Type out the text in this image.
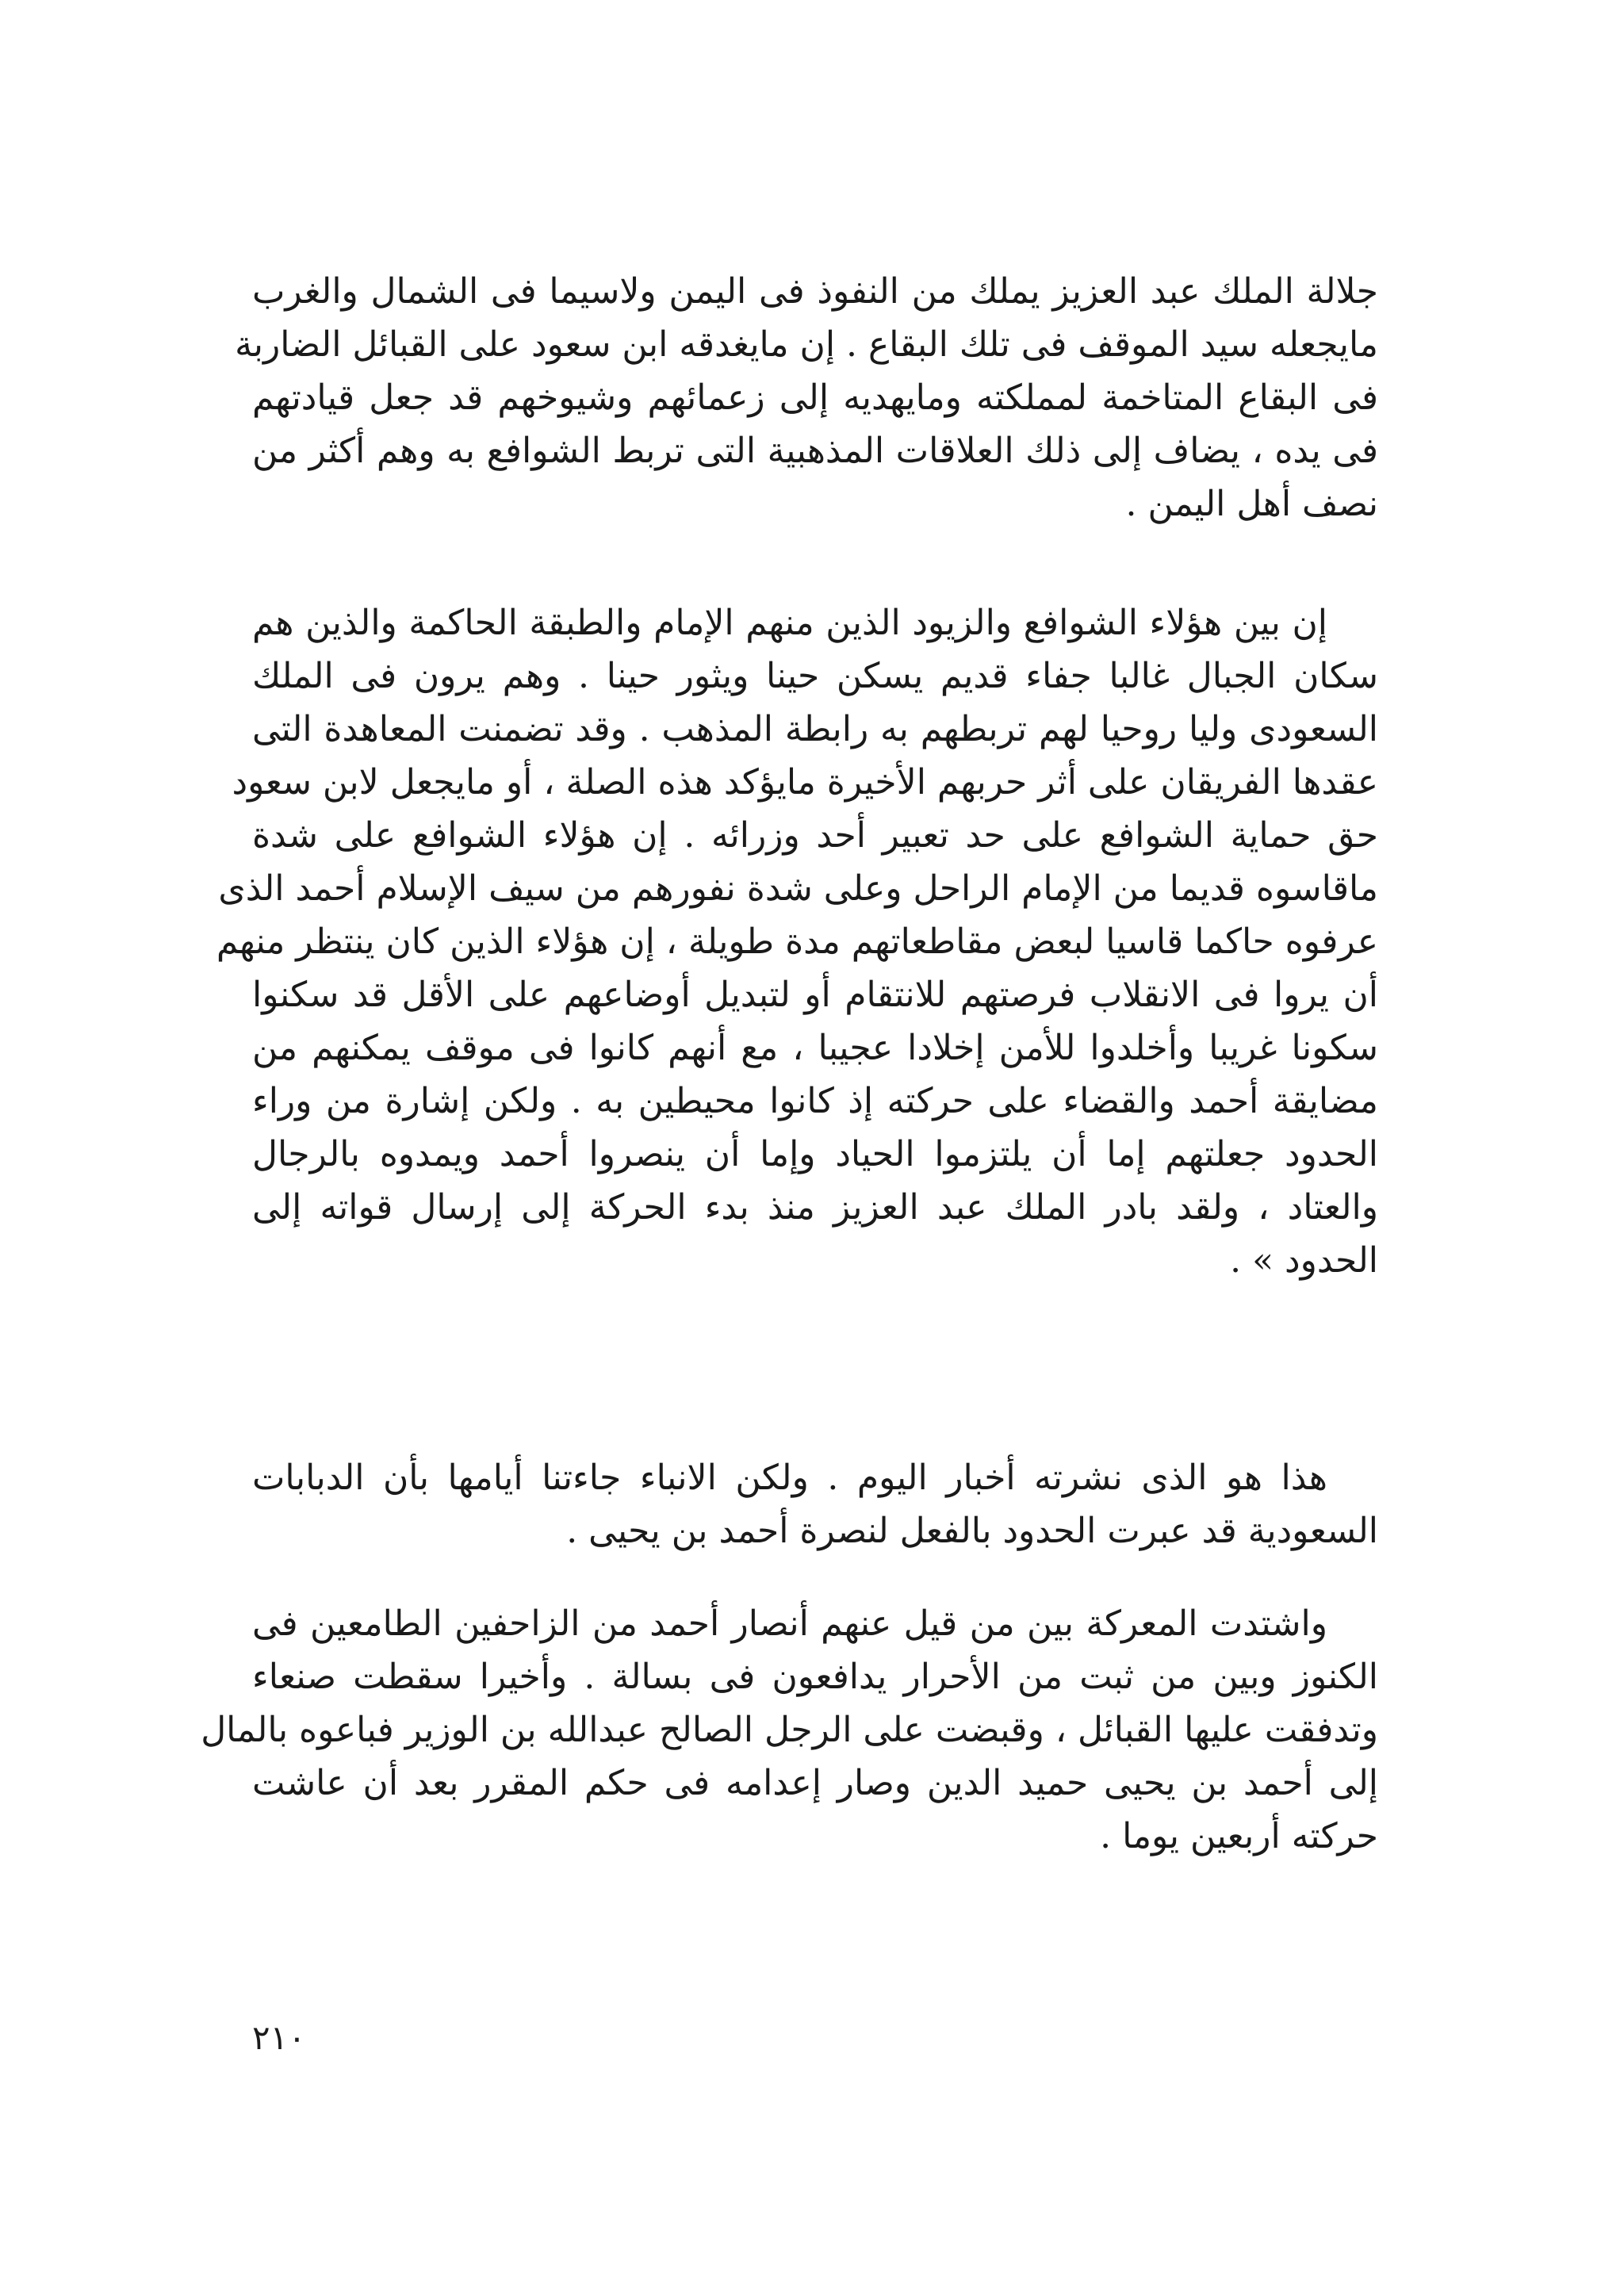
جلالة الملك عبد العزيز يملك من النفوذ فى اليمن ولاسيما فى الشمال والغرب
مايجعله سيد الموقف فى تلك البقاع . إن مايغدقه ابن سعود على القبائل الضاربة
فى البقاع المتاخمة لمملكته ومايهديه إلى زعمائهم وشيوخهم قد جعل قيادتهم
فى يده ، يضاف إلى ذلك العلاقات المذهبية التى تربط الشوافع به وهم أكثر من
نصف أهل اليمن .
إن بين هؤلاء الشوافع والزيود الذين منهم الإمام والطبقة الحاكمة والذين هم
سكان الجبال غالبا جفاء قديم يسكن حينا ويثور حينا . وهم يرون فى الملك
السعودى وليا روحيا لهم تربطهم به رابطة المذهب . وقد تضمنت المعاهدة التى
عقدها الفريقان على أثر حربهم الأخيرة مايؤكد هذه الصلة ، أو مايجعل لابن سعود
حق حماية الشوافع على حد تعبير أحد وزرائه . إن هؤلاء الشوافع على شدة
ماقاسوه قديما من الإمام الراحل وعلى شدة نفورهم من سيف الإسلام أحمد الذى
عرفوه حاكما قاسيا لبعض مقاطعاتهم مدة طويلة ، إن هؤلاء الذين كان ينتظر منهم
أن يروا فى الانقلاب فرصتهم للانتقام أو لتبديل أوضاعهم على الأقل قد سكنوا
سكونا غريبا وأخلدوا للأمن إخلادا عجيبا ، مع أنهم كانوا فى موقف يمكنهم من
مضايقة أحمد والقضاء على حركته إذ كانوا محيطين به . ولكن إشارة من وراء
الحدود جعلتهم إما أن يلتزموا الحياد وإما أن ينصروا أحمد ويمدوه بالرجال
والعتاد ، ولقد بادر الملك عبد العزيز منذ بدء الحركة إلى إرسال قواته إلى
الحدود » .
هذا هو الذى نشرته أخبار اليوم . ولكن الانباء جاءتنا أيامها بأن الدبابات
السعودية قد عبرت الحدود بالفعل لنصرة أحمد بن يحيى .
واشتدت المعركة بين من قيل عنهم أنصار أحمد من الزاحفين الطامعين فى
الكنوز وبين من ثبت من الأحرار يدافعون فى بسالة . وأخيرا سقطت صنعاء
وتدفقت عليها القبائل ، وقبضت على الرجل الصالح عبدالله بن الوزير فباعوه بالمال
إلى أحمد بن يحيى حميد الدين وصار إعدامه فى حكم المقرر بعد أن عاشت
حركته أربعين يوما .
٢١٠
